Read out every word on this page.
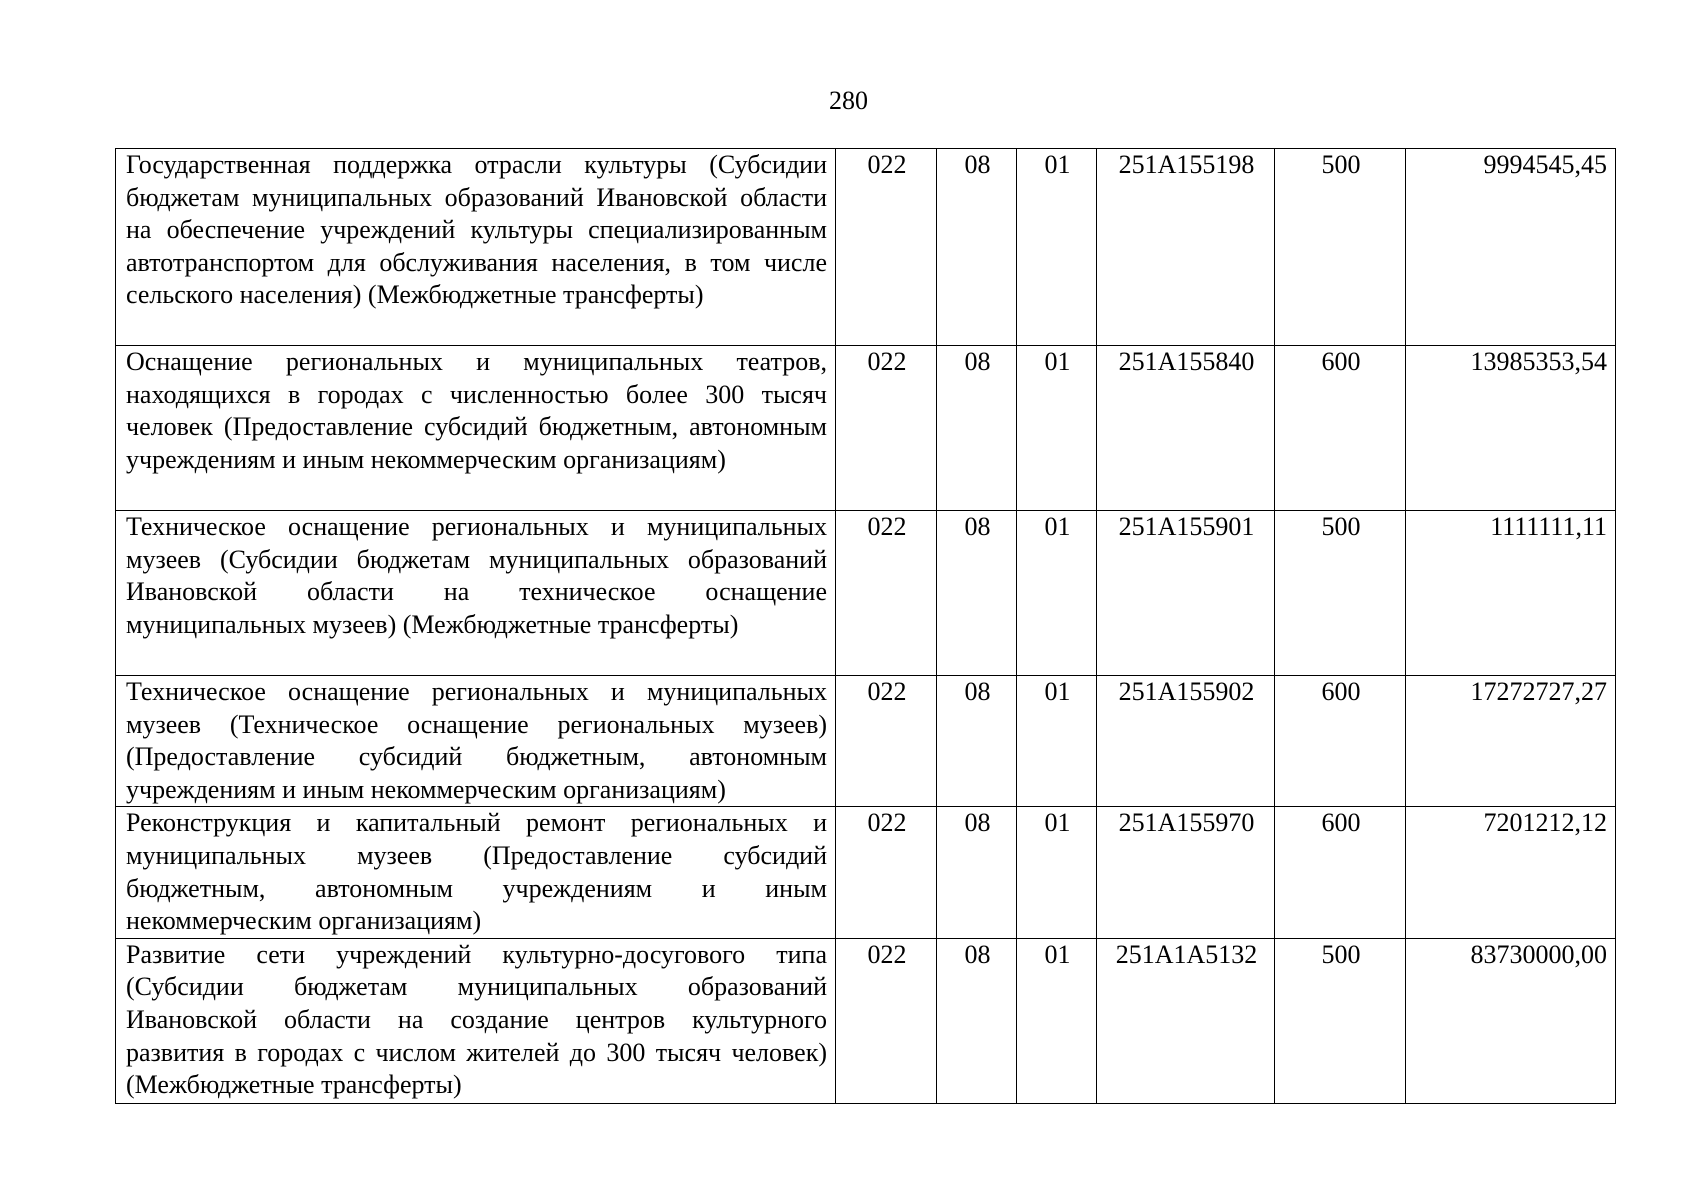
280
Государственная поддержка отрасли культуры (Субсидии бюджетам муниципальных образований Ивановской области на обеспечение учреждений культуры специализированным автотранспортом для обслуживания населения, в том числе сельского населения) (Межбюджетные трансферты)	022	08	01	251А155198	500	9994545,45
Оснащение региональных и муниципальных театров, находящихся в городах с численностью более 300 тысяч человек (Предоставление субсидий бюджетным, автономным учреждениям и иным некоммерческим организациям)	022	08	01	251А155840	600	13985353,54
Техническое оснащение региональных и муниципальных музеев (Субсидии бюджетам муниципальных образований Ивановской области на техническое оснащение муниципальных музеев) (Межбюджетные трансферты)	022	08	01	251А155901	500	1111111,11
Техническое оснащение региональных и муниципальных музеев (Техническое оснащение региональных музеев) (Предоставление субсидий бюджетным, автономным учреждениям и иным некоммерческим организациям)	022	08	01	251А155902	600	17272727,27
Реконструкция и капитальный ремонт региональных и муниципальных музеев (Предоставление субсидий бюджетным, автономным учреждениям и иным некоммерческим организациям)	022	08	01	251А155970	600	7201212,12
Развитие сети учреждений культурно-досугового типа (Субсидии бюджетам муниципальных образований Ивановской области на создание центров культурного развития в городах с числом жителей до 300 тысяч человек) (Межбюджетные трансферты)	022	08	01	251А1А5132	500	83730000,00
